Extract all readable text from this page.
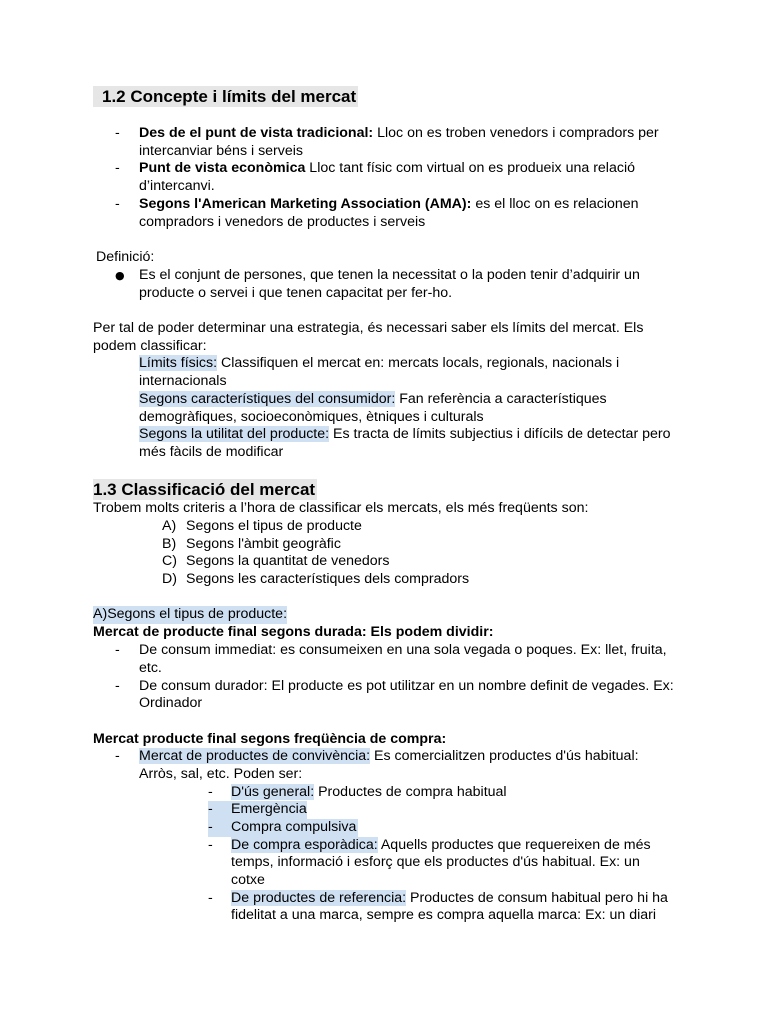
1.2 Concepte i límits del mercat
- Des de el punt de vista tradicional: Lloc on es troben venedors i compradors per
intercanviar béns i serveis
- Punt de vista econòmica Lloc tant físic com virtual on es produeix una relació
d’intercanvi.
- Segons l'American Marketing Association (AMA): es el lloc on es relacionen
compradors i venedors de productes i serveis
Definició:
● Es el conjunt de persones, que tenen la necessitat o la poden tenir d’adquirir un
producte o servei i que tenen capacitat per fer-ho.
Per tal de poder determinar una estrategia, és necessari saber els límits del mercat. Els
podem classificar:
Límits físics: Classifiquen el mercat en: mercats locals, regionals, nacionals i
internacionals
Segons característiques del consumidor: Fan referència a característiques
demogràfiques, socioeconòmiques, ètniques i culturals
Segons la utilitat del producte: Es tracta de límits subjectius i difícils de detectar pero
més fàcils de modificar
1.3 Classificació del mercat
Trobem molts criteris a l’hora de classificar els mercats, els més freqüents son:
A) Segons el tipus de producte
B) Segons l'àmbit geogràfic
C) Segons la quantitat de venedors
D) Segons les característiques dels compradors
A)Segons el tipus de producte:
Mercat de producte final segons durada: Els podem dividir:
- De consum immediat: es consumeixen en una sola vegada o poques. Ex: llet, fruita,
etc.
- De consum durador: El producte es pot utilitzar en un nombre definit de vegades. Ex:
Ordinador
Mercat producte final segons freqüència de compra:
- Mercat de productes de convivència: Es comercialitzen productes d'ús habitual:
Arròs, sal, etc. Poden ser:
- D'ús general: Productes de compra habitual
- Emergència
- Compra compulsiva
- De compra esporàdica: Aquells productes que requereixen de més
temps, informació i esforç que els productes d'ús habitual. Ex: un
cotxe
- De productes de referencia: Productes de consum habitual pero hi ha
fidelitat a una marca, sempre es compra aquella marca: Ex: un diari
